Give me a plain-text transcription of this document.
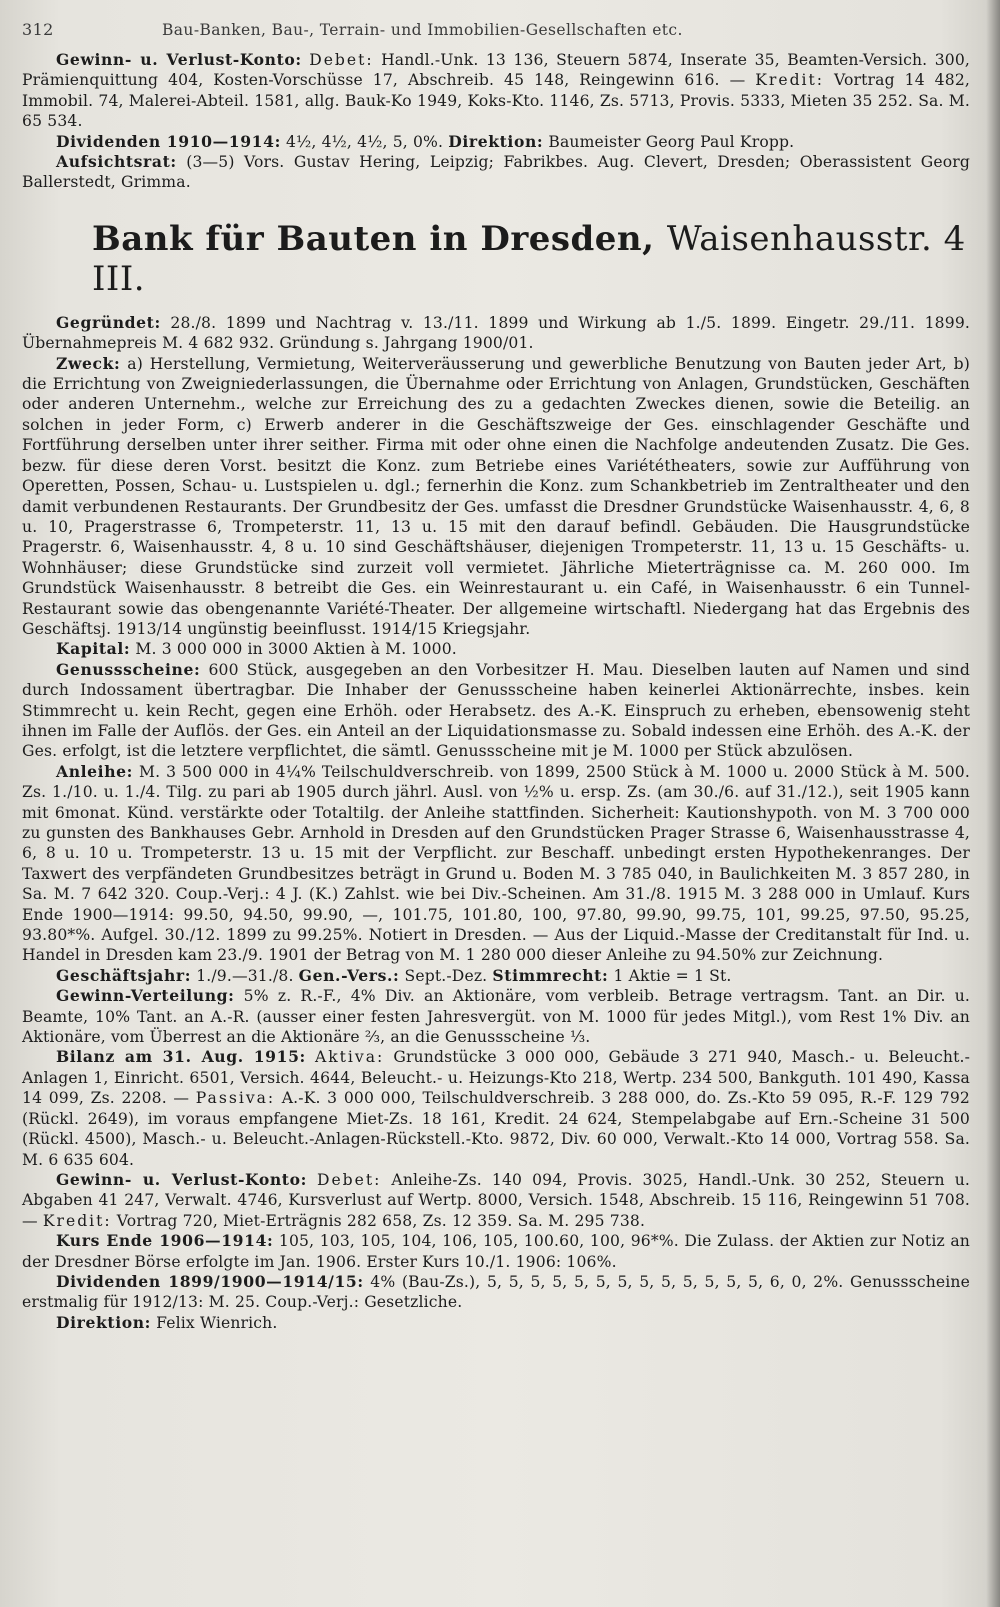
312	Bau-Banken, Bau-, Terrain- und Immobilien-Gesellschaften etc.

Gewinn- u. Verlust-Konto: Debet: Handl.-Unk. 13 136, Steuern 5874, Inserate 35, Beamten-Versich. 300, Prämienquittung 404, Kosten-Vorschüsse 17, Abschreib. 45 148, Reingewinn 616. — Kredit: Vortrag 14 482, Immobil. 74, Malerei-Abteil. 1581, allg. Bauk-Ko 1949, Koks-Kto. 1146, Zs. 5713, Provis. 5333, Mieten 35 252. Sa. M. 65 534.

Dividenden 1910—1914: 4½, 4½, 4½, 5, 0%. Direktion: Baumeister Georg Paul Kropp.

Aufsichtsrat: (3—5) Vors. Gustav Hering, Leipzig; Fabrikbes. Aug. Clevert, Dresden; Oberassistent Georg Ballerstedt, Grimma.

Bank für Bauten in Dresden, Waisenhausstr. 4 III.

Gegründet: 28./8. 1899 und Nachtrag v. 13./11. 1899 und Wirkung ab 1./5. 1899. Eingetr. 29./11. 1899. Übernahmepreis M. 4 682 932. Gründung s. Jahrgang 1900/01.

Zweck: a) Herstellung, Vermietung, Weiterveräusserung und gewerbliche Benutzung von Bauten jeder Art, b) die Errichtung von Zweigniederlassungen, die Übernahme oder Errichtung von Anlagen, Grundstücken, Geschäften oder anderen Unternehm., welche zur Erreichung des zu a gedachten Zweckes dienen, sowie die Beteilig. an solchen in jeder Form, c) Erwerb anderer in die Geschäftszweige der Ges. einschlagender Geschäfte und Fortführung derselben unter ihrer seither. Firma mit oder ohne einen die Nachfolge andeutenden Zusatz. Die Ges. bezw. für diese deren Vorst. besitzt die Konz. zum Betriebe eines Variététheaters, sowie zur Aufführung von Operetten, Possen, Schau- u. Lustspielen u. dgl.; fernerhin die Konz. zum Schankbetrieb im Zentraltheater und den damit verbundenen Restaurants. Der Grundbesitz der Ges. umfasst die Dresdner Grundstücke Waisenhausstr. 4, 6, 8 u. 10, Pragerstrasse 6, Trompeterstr. 11, 13 u. 15 mit den darauf befindl. Gebäuden. Die Hausgrundstücke Pragerstr. 6, Waisenhausstr. 4, 8 u. 10 sind Geschäftshäuser, diejenigen Trompeterstr. 11, 13 u. 15 Geschäfts- u. Wohnhäuser; diese Grundstücke sind zurzeit voll vermietet. Jährliche Mieterträgnisse ca. M. 260 000. Im Grundstück Waisenhausstr. 8 betreibt die Ges. ein Weinrestaurant u. ein Café, in Waisenhausstr. 6 ein Tunnel-Restaurant sowie das obengenannte Variété-Theater. Der allgemeine wirtschaftl. Niedergang hat das Ergebnis des Geschäftsj. 1913/14 ungünstig beeinflusst. 1914/15 Kriegsjahr.

Kapital: M. 3 000 000 in 3000 Aktien à M. 1000.

Genussscheine: 600 Stück, ausgegeben an den Vorbesitzer H. Mau. Dieselben lauten auf Namen und sind durch Indossament übertragbar. Die Inhaber der Genussscheine haben keinerlei Aktionärrechte, insbes. kein Stimmrecht u. kein Recht, gegen eine Erhöh. oder Herabsetz. des A.-K. Einspruch zu erheben, ebensowenig steht ihnen im Falle der Auflös. der Ges. ein Anteil an der Liquidationsmasse zu. Sobald indessen eine Erhöh. des A.-K. der Ges. erfolgt, ist die letztere verpflichtet, die sämtl. Genussscheine mit je M. 1000 per Stück abzulösen.

Anleihe: M. 3 500 000 in 4¼% Teilschuldverschreib. von 1899, 2500 Stück à M. 1000 u. 2000 Stück à M. 500. Zs. 1./10. u. 1./4. Tilg. zu pari ab 1905 durch jährl. Ausl. von ½% u. ersp. Zs. (am 30./6. auf 31./12.), seit 1905 kann mit 6monat. Künd. verstärkte oder Totaltilg. der Anleihe stattfinden. Sicherheit: Kautionshypoth. von M. 3 700 000 zu gunsten des Bankhauses Gebr. Arnhold in Dresden auf den Grundstücken Prager Strasse 6, Waisenhausstrasse 4, 6, 8 u. 10 u. Trompeterstr. 13 u. 15 mit der Verpflicht. zur Beschaff. unbedingt ersten Hypothekenranges. Der Taxwert des verpfändeten Grundbesitzes beträgt in Grund u. Boden M. 3 785 040, in Baulichkeiten M. 3 857 280, in Sa. M. 7 642 320. Coup.-Verj.: 4 J. (K.) Zahlst. wie bei Div.-Scheinen. Am 31./8. 1915 M. 3 288 000 in Umlauf. Kurs Ende 1900—1914: 99.50, 94.50, 99.90, —, 101.75, 101.80, 100, 97.80, 99.90, 99.75, 101, 99.25, 97.50, 95.25, 93.80*%. Aufgel. 30./12. 1899 zu 99.25%. Notiert in Dresden. — Aus der Liquid.-Masse der Creditanstalt für Ind. u. Handel in Dresden kam 23./9. 1901 der Betrag von M. 1 280 000 dieser Anleihe zu 94.50% zur Zeichnung.

Geschäftsjahr: 1./9.—31./8. Gen.-Vers.: Sept.-Dez. Stimmrecht: 1 Aktie = 1 St.

Gewinn-Verteilung: 5% z. R.-F., 4% Div. an Aktionäre, vom verbleib. Betrage vertragsm. Tant. an Dir. u. Beamte, 10% Tant. an A.-R. (ausser einer festen Jahresvergüt. von M. 1000 für jedes Mitgl.), vom Rest 1% Div. an Aktionäre, vom Überrest an die Aktionäre ⅔, an die Genussscheine ⅓.

Bilanz am 31. Aug. 1915: Aktiva: Grundstücke 3 000 000, Gebäude 3 271 940, Masch.- u. Beleucht.-Anlagen 1, Einricht. 6501, Versich. 4644, Beleucht.- u. Heizungs-Kto 218, Wertp. 234 500, Bankguth. 101 490, Kassa 14 099, Zs. 2208. — Passiva: A.-K. 3 000 000, Teilschuldverschreib. 3 288 000, do. Zs.-Kto 59 095, R.-F. 129 792 (Rückl. 2649), im voraus empfangene Miet-Zs. 18 161, Kredit. 24 624, Stempelabgabe auf Ern.-Scheine 31 500 (Rückl. 4500), Masch.- u. Beleucht.-Anlagen-Rückstell.-Kto. 9872, Div. 60 000, Verwalt.-Kto 14 000, Vortrag 558. Sa. M. 6 635 604.

Gewinn- u. Verlust-Konto: Debet: Anleihe-Zs. 140 094, Provis. 3025, Handl.-Unk. 30 252, Steuern u. Abgaben 41 247, Verwalt. 4746, Kursverlust auf Wertp. 8000, Versich. 1548, Abschreib. 15 116, Reingewinn 51 708. — Kredit: Vortrag 720, Miet-Erträgnis 282 658, Zs. 12 359. Sa. M. 295 738.

Kurs Ende 1906—1914: 105, 103, 105, 104, 106, 105, 100.60, 100, 96*%. Die Zulass. der Aktien zur Notiz an der Dresdner Börse erfolgte im Jan. 1906. Erster Kurs 10./1. 1906: 106%.

Dividenden 1899/1900—1914/15: 4% (Bau-Zs.), 5, 5, 5, 5, 5, 5, 5, 5, 5, 5, 5, 5, 5, 6, 0, 2%. Genussscheine erstmalig für 1912/13: M. 25. Coup.-Verj.: Gesetzliche.

Direktion: Felix Wienrich.
